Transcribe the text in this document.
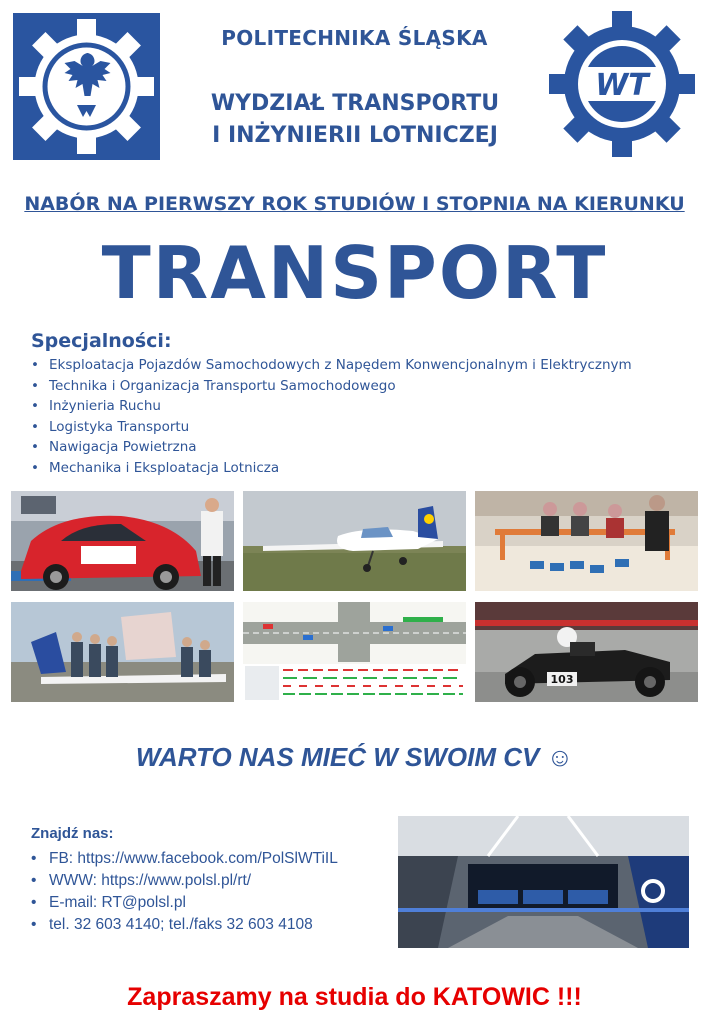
WT
POLITECHNIKA ŚLĄSKA
WYDZIAŁ TRANSPORTU
I INŻYNIERII LOTNICZEJ
NABÓR NA PIERWSZY ROK STUDIÓW I STOPNIA NA KIERUNKU
TRANSPORT
Specjalności:
• Eksploatacja Pojazdów Samochodowych z Napędem Konwencjonalnym i Elektrycznym
• Technika i Organizacja Transportu Samochodowego
• Inżynieria Ruchu
• Logistyka Transportu
• Nawigacja Powietrzna
• Mechanika i Eksploatacja Lotnicza
103
WARTO NAS MIEĆ W SWOIM CV ☺
Znajdź nas:
• FB: https://www.facebook.com/PolSlWTiIL
• WWW: https://www.polsl.pl/rt/
• E-mail: RT@polsl.pl
• tel. 32 603 4140; tel./faks 32 603 4108
Zapraszamy na studia do KATOWIC !!!
